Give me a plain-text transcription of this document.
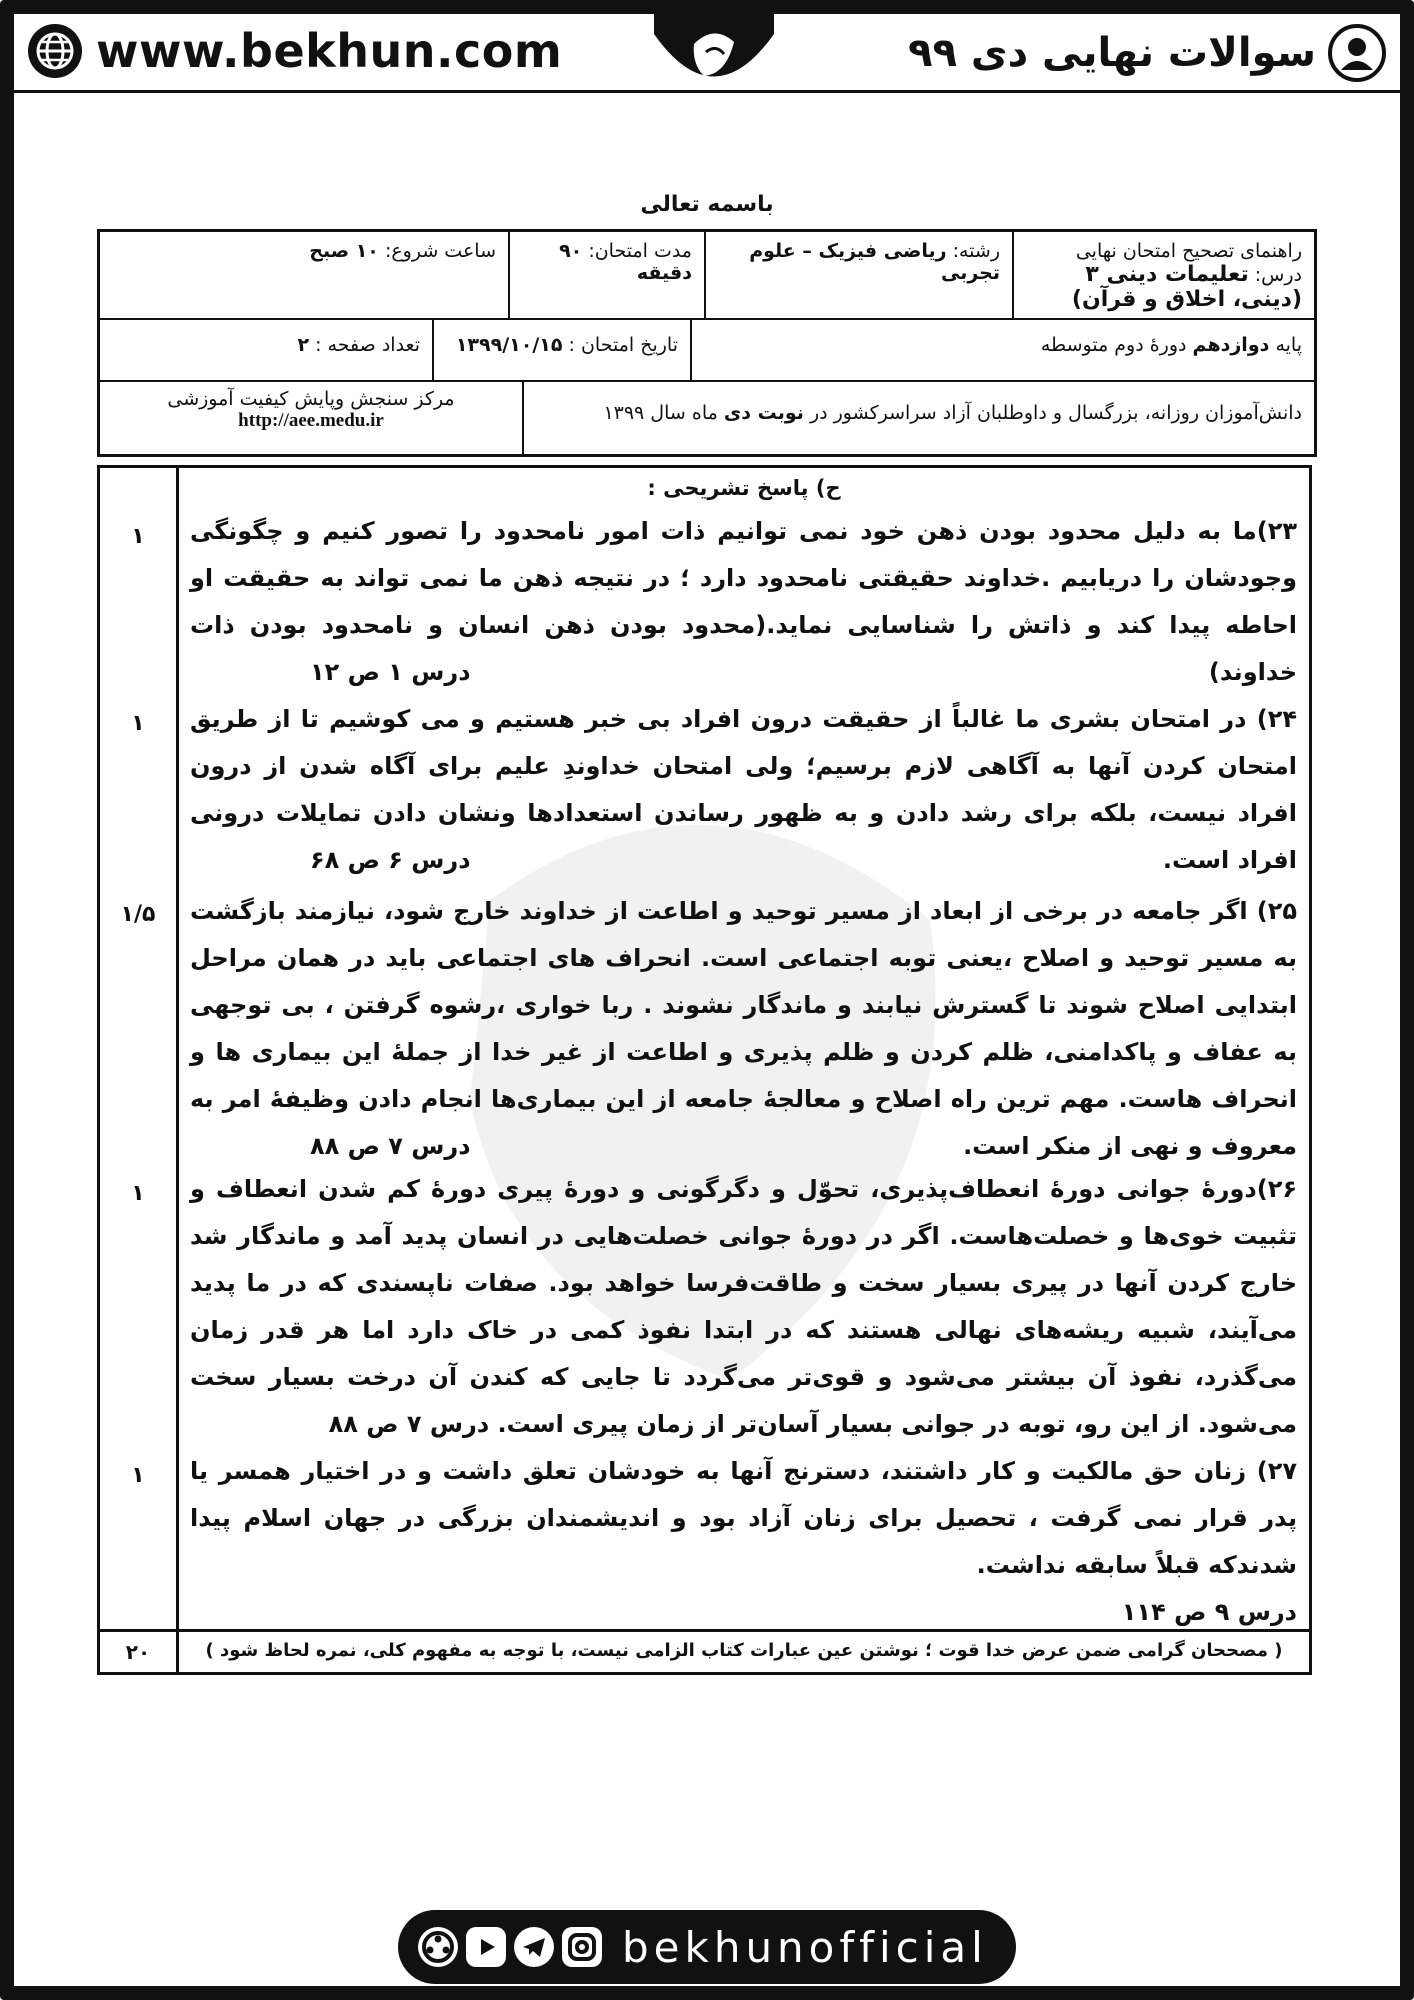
www.bekhun.com	سوالات نهایی دی ۹۹
باسمه تعالی
راهنمای تصحیح امتحان نهایی درس: تعلیمات دینی ۳
(دینی، اخلاق و قرآن)
رشته: ریاضی فیزیک – علوم تجربی
مدت امتحان: ۹۰ دقیقه
ساعت شروع: ۱۰ صبح
پایه دوازدهم دورهٔ دوم متوسطه
تاریخ امتحان : ۱۳۹۹/۱۰/۱۵
تعداد صفحه : ۲
دانش‌آموزان روزانه، بزرگسال و داوطلبان آزاد سراسرکشور در نوبت دی ماه سال ۱۳۹۹
مرکز سنجش وپایش کیفیت آموزشی
http://aee.medu.ir
ح) پاسخ تشریحی :
۱	۲۳)ما به دلیل محدود بودن ذهن خود نمی توانیم ذات امور نامحدود را تصور کنیم و چگونگی وجودشان را دریابیم .خداوند حقیقتی نامحدود دارد ؛ در نتیجه ذهن ما نمی تواند به حقیقت او احاطه پیدا کند و ذاتش را شناسایی نماید.(محدود بودن ذهن انسان و نامحدود بودن ذات خداوند)
درس ۱ ص ۱۲
۱	۲۴) در امتحان بشری ما غالباً از حقیقت درون افراد بی خبر هستیم و می کوشیم تا از طریق امتحان کردن آنها به آگاهی لازم برسیم؛ ولی امتحان خداوندِ علیم برای آگاه شدن از درون افراد نیست، بلکه برای رشد دادن و به ظهور رساندن استعدادها ونشان دادن تمایلات درونی افراد است.
درس ۶ ص ۶۸
۱/۵	۲۵) اگر جامعه در برخی از ابعاد از مسیر توحید و اطاعت از خداوند خارج شود، نیازمند بازگشت به مسیر توحید و اصلاح ،یعنی توبه اجتماعی است. انحراف های اجتماعی باید در همان مراحل ابتدایی اصلاح شوند تا گسترش نیابند و ماندگار نشوند . ربا خواری ،رشوه گرفتن ، بی توجهی به عفاف و پاکدامنی، ظلم کردن و ظلم پذیری و اطاعت از غیر خدا از جملۀ این بیماری ها و انحراف هاست. مهم ترین راه اصلاح و معالجۀ جامعه از این بیماری‌ها انجام دادن وظیفۀ امر به معروف و نهی از منکر است.
درس ۷ ص ۸۸
۱	۲۶)دورۀ جوانی دورۀ انعطاف‌پذیری، تحوّل و دگرگونی و دورۀ پیری دورۀ کم شدن انعطاف و تثبیت خوی‌ها و خصلت‌هاست. اگر در دورۀ جوانی خصلت‌هایی در انسان پدید آمد و ماندگار شد خارج کردن آنها در پیری بسیار سخت و طاقت‌فرسا خواهد بود. صفات ناپسندی که در ما پدید می‌آیند، شبیه ریشه‌های نهالی هستند که در ابتدا نفوذ کمی در خاک دارد اما هر قدر زمان می‌گذرد، نفوذ آن بیشتر می‌شود و قوی‌تر می‌گردد تا جایی که کندن آن درخت بسیار سخت می‌شود. از این رو، توبه در جوانی بسیار آسان‌تر از زمان پیری است. درس ۷ ص ۸۸
۱	۲۷) زنان حق مالکیت و کار داشتند، دسترنج آنها به خودشان تعلق داشت و در اختیار همسر یا پدر قرار نمی گرفت ، تحصیل برای زنان آزاد بود و اندیشمندان بزرگی در جهان اسلام پیدا شدندکه قبلاً سابقه نداشت.
درس ۹ ص ۱۱۴
۲۰	( مصححان گرامی ضمن عرض خدا قوت ؛ نوشتن عین عبارات کتاب الزامی نیست، با توجه به مفهوم کلی، نمره لحاظ شود )
bekhunofficial
